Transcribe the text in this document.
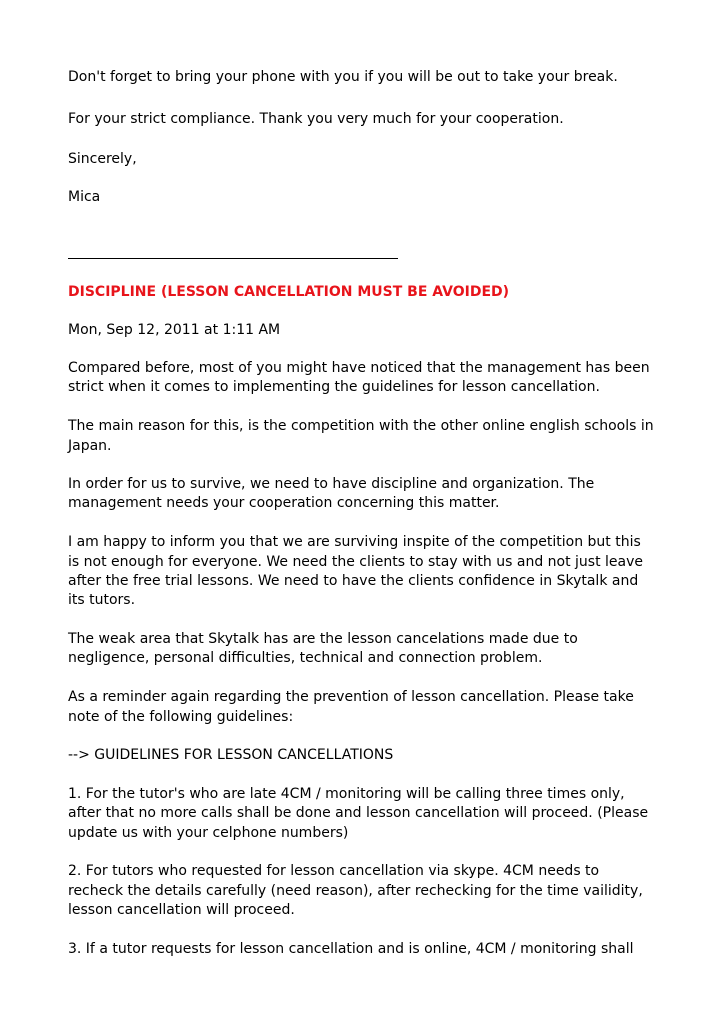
Don't forget to bring your phone with you if you will be out to take your break.
For your strict compliance. Thank you very much for your cooperation.
Sincerely,
Mica
DISCIPLINE (LESSON CANCELLATION MUST BE AVOIDED)
Mon, Sep 12, 2011 at 1:11 AM
Compared before, most of you might have noticed that the management has been
strict when it comes to implementing the guidelines for lesson cancellation.
The main reason for this, is the competition with the other online english schools in
Japan.
In order for us to survive, we need to have discipline and organization. The
management needs your cooperation concerning this matter.
I am happy to inform you that we are surviving inspite of the competition but this
is not enough for everyone. We need the clients to stay with us and not just leave
after the free trial lessons. We need to have the clients confidence in Skytalk and
its tutors.
The weak area that Skytalk has are the lesson cancelations made due to
negligence, personal difficulties, technical and connection problem.
As a reminder again regarding the prevention of lesson cancellation. Please take
note of the following guidelines:
--> GUIDELINES FOR LESSON CANCELLATIONS
1. For the tutor's who are late 4CM / monitoring will be calling three times only,
after that no more calls shall be done and lesson cancellation will proceed. (Please
update us with your celphone numbers)
2. For tutors who requested for lesson cancellation via skype. 4CM needs to
recheck the details carefully (need reason), after rechecking for the time vailidity,
lesson cancellation will proceed.
3. If a tutor requests for lesson cancellation and is online, 4CM / monitoring shall
